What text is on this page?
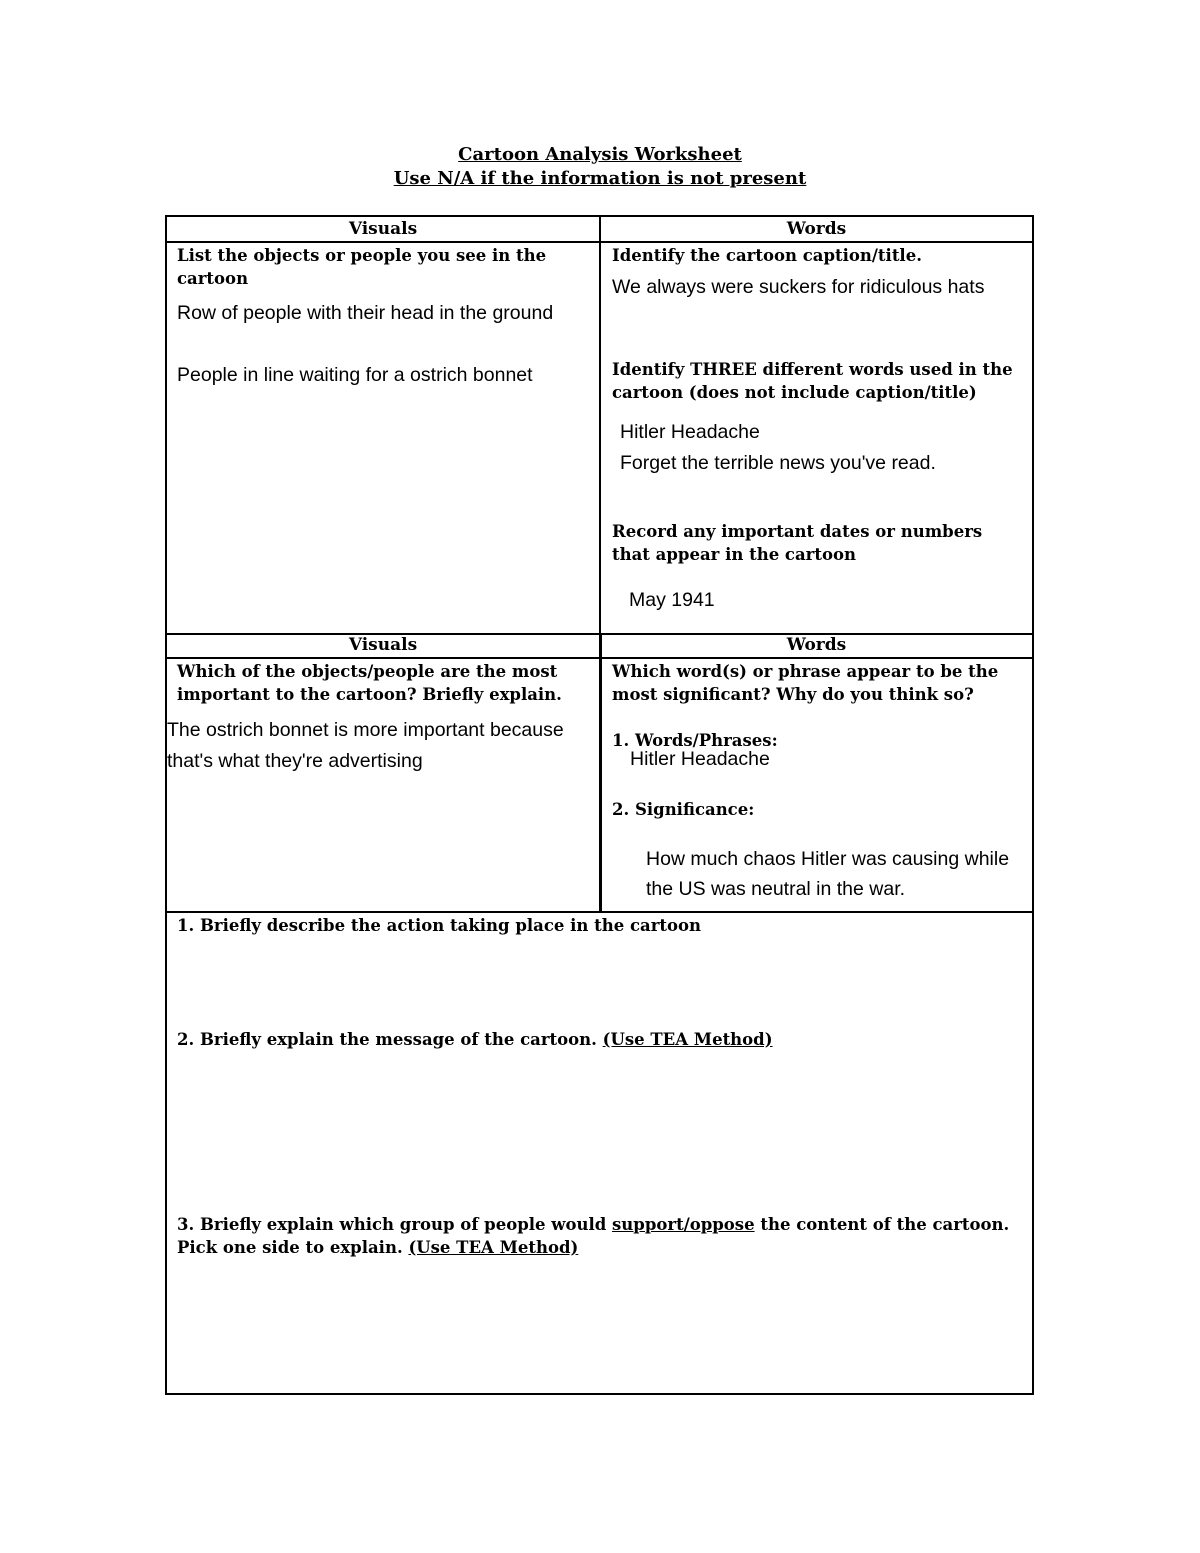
Cartoon Analysis Worksheet
Use N/A if the information is not present
Visuals	Words
List the objects or people you see in the cartoon
Row of people with their head in the ground
People in line waiting for a ostrich bonnet
Identify the cartoon caption/title.
We always were suckers for ridiculous hats
Identify THREE different words used in the cartoon (does not include caption/title)
Hitler Headache
Forget the terrible news you've read.
Record any important dates or numbers that appear in the cartoon
May 1941
Visuals	Words
Which of the objects/people are the most important to the cartoon? Briefly explain.
The ostrich bonnet is more important because
that's what they're advertising
Which word(s) or phrase appear to be the most significant? Why do you think so?
1. Words/Phrases:
Hitler Headache
2. Significance:
How much chaos Hitler was causing while
the US was neutral in the war.
1. Briefly describe the action taking place in the cartoon
2. Briefly explain the message of the cartoon. (Use TEA Method)
3. Briefly explain which group of people would support/oppose the content of the cartoon.
Pick one side to explain. (Use TEA Method)
